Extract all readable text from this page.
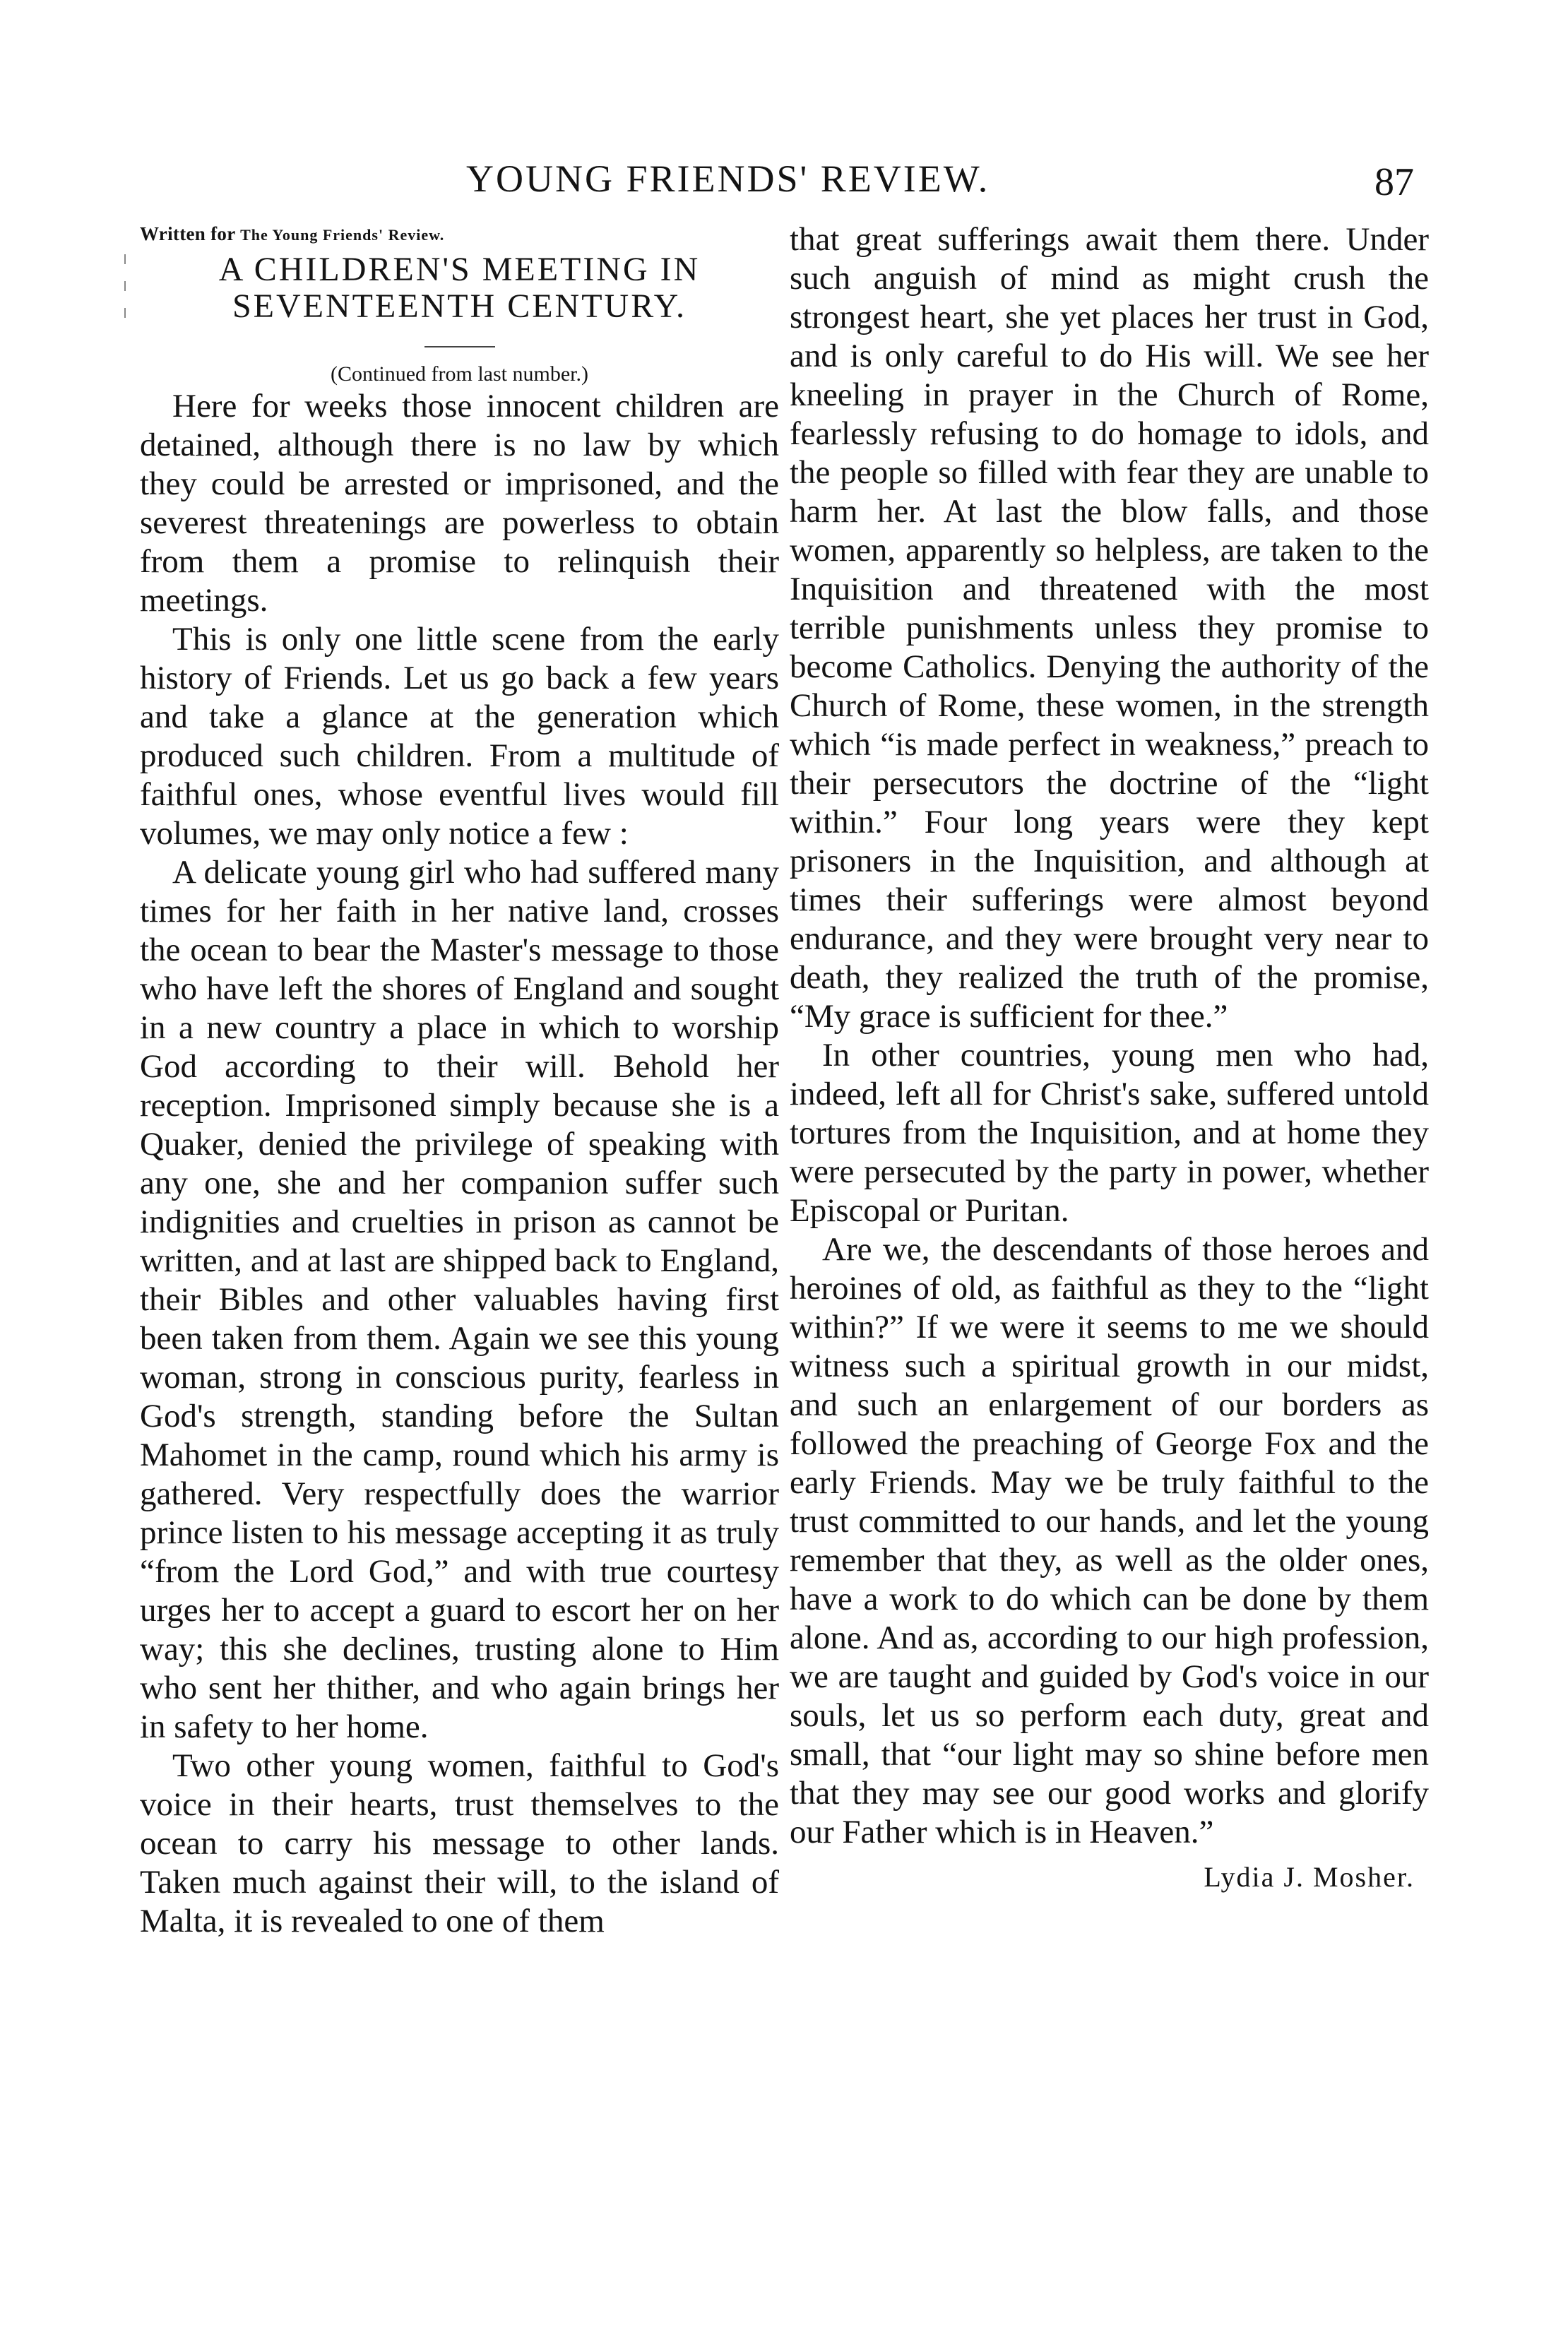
YOUNG FRIENDS' REVIEW.	87

Written for The Young Friends' Review.

A CHILDREN'S MEETING IN SEVENTEENTH CENTURY.

(Continued from last number.)

Here for weeks those innocent children are detained, although there is no law by which they could be arrested or imprisoned, and the severest threatenings are powerless to obtain from them a promise to relinquish their meetings.

This is only one little scene from the early history of Friends. Let us go back a few years and take a glance at the generation which produced such children. From a multitude of faithful ones, whose eventful lives would fill volumes, we may only notice a few :

A delicate young girl who had suffered many times for her faith in her native land, crosses the ocean to bear the Master's message to those who have left the shores of England and sought in a new country a place in which to worship God according to their will. Behold her reception. Imprisoned simply because she is a Quaker, denied the privilege of speaking with any one, she and her companion suffer such indignities and cruelties in prison as cannot be written, and at last are shipped back to England, their Bibles and other valuables having first been taken from them. Again we see this young woman, strong in conscious purity, fearless in God's strength, standing before the Sultan Mahomet in the camp, round which his army is gathered. Very respectfully does the warrior prince listen to his message accepting it as truly “from the Lord God,” and with true courtesy urges her to accept a guard to escort her on her way; this she declines, trusting alone to Him who sent her thither, and who again brings her in safety to her home.

Two other young women, faithful to God's voice in their hearts, trust themselves to the ocean to carry his message to other lands. Taken much against their will, to the island of Malta, it is revealed to one of them

that great sufferings await them there. Under such anguish of mind as might crush the strongest heart, she yet places her trust in God, and is only careful to do His will. We see her kneeling in prayer in the Church of Rome, fearlessly refusing to do homage to idols, and the people so filled with fear they are unable to harm her. At last the blow falls, and those women, apparently so helpless, are taken to the Inquisition and threatened with the most terrible punishments unless they promise to become Catholics. Denying the authority of the Church of Rome, these women, in the strength which “is made perfect in weakness,” preach to their persecutors the doctrine of the “light within.” Four long years were they kept prisoners in the Inquisition, and although at times their sufferings were almost beyond endurance, and they were brought very near to death, they realized the truth of the promise, “My grace is sufficient for thee.”

In other countries, young men who had, indeed, left all for Christ's sake, suffered untold tortures from the Inquisition, and at home they were persecuted by the party in power, whether Episcopal or Puritan.

Are we, the descendants of those heroes and heroines of old, as faithful as they to the “light within?” If we were it seems to me we should witness such a spiritual growth in our midst, and such an enlargement of our borders as followed the preaching of George Fox and the early Friends. May we be truly faithful to the trust committed to our hands, and let the young remember that they, as well as the older ones, have a work to do which can be done by them alone. And as, according to our high profession, we are taught and guided by God's voice in our souls, let us so perform each duty, great and small, that “our light may so shine before men that they may see our good works and glorify our Father which is in Heaven.”

Lydia J. Mosher.
